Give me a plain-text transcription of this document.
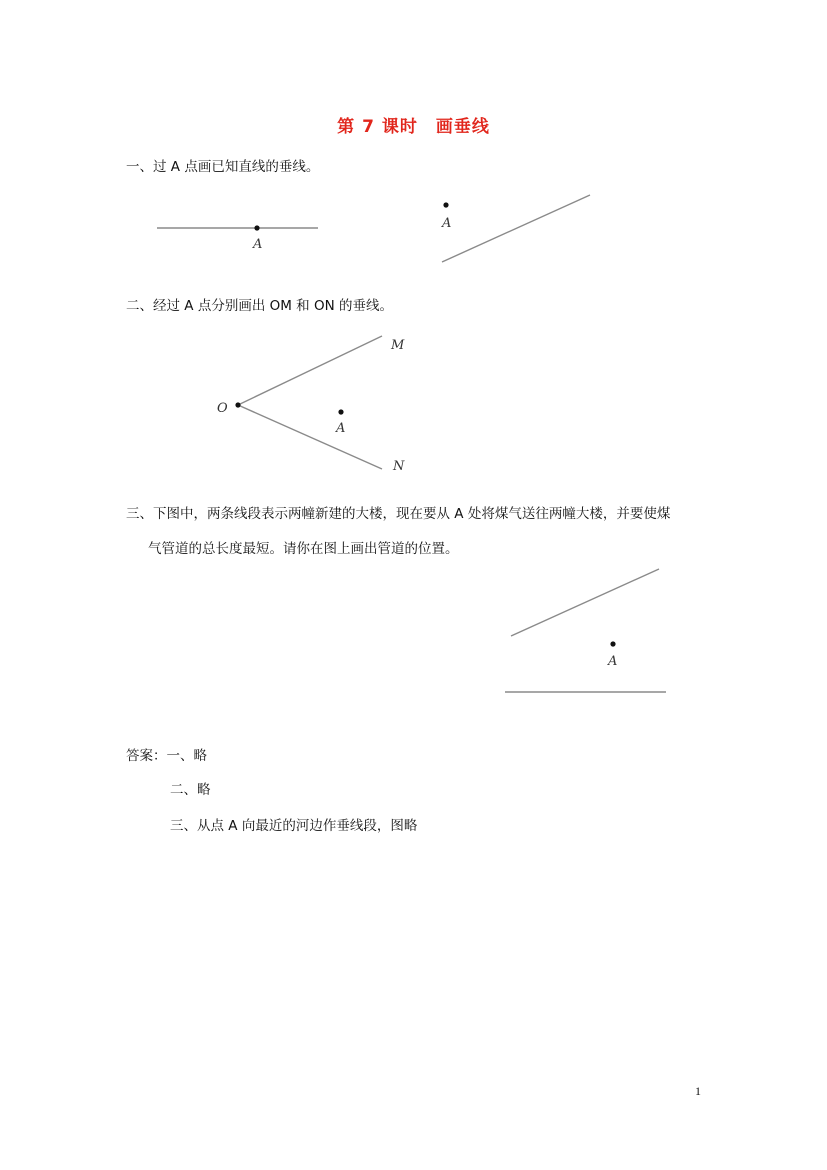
第 7 课时　画垂线
一、过 A 点画已知直线的垂线。
A
A
二、经过 A 点分别画出 OM 和 ON 的垂线。
O
M
N
A
三、下图中，两条线段表示两幢新建的大楼，现在要从 A 处将煤气送往两幢大楼，并要使煤
气管道的总长度最短。请你在图上画出管道的位置。
A
答案：一、略
二、略
三、从点 A 向最近的河边作垂线段，图略
1
